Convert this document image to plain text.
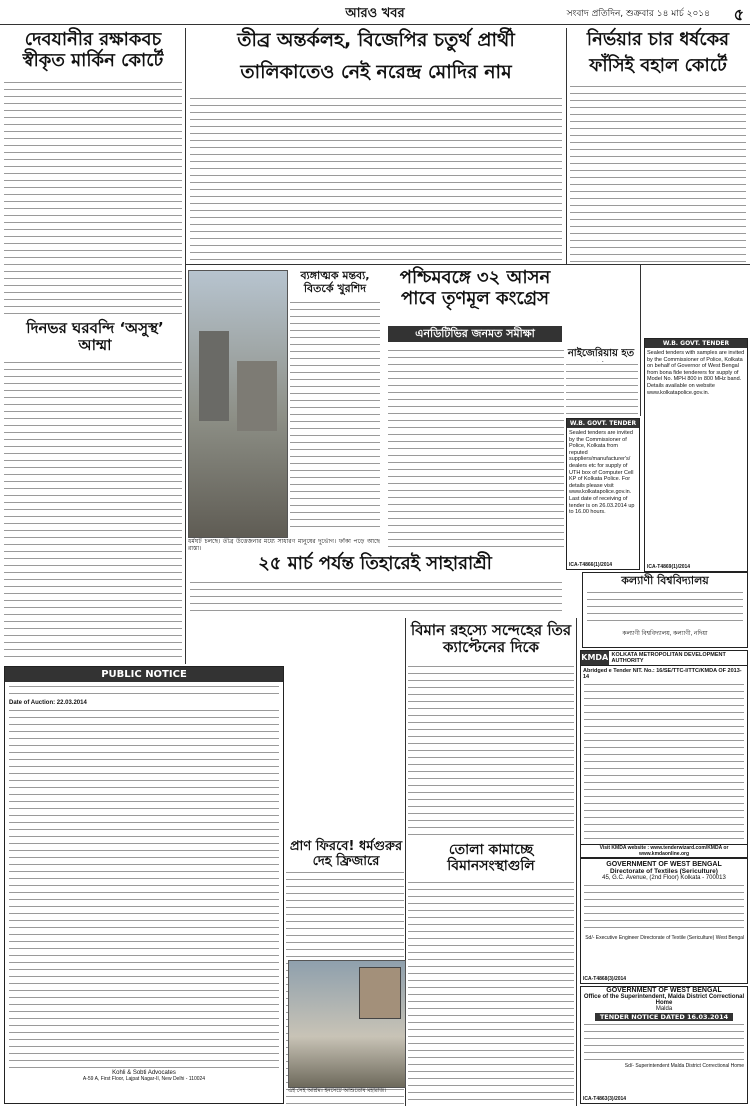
আরও খবর	সংবাদ প্রতিদিন, শুক্রবার ১৪ মার্চ ২০১৪ ৫
দেবযানীর রক্ষাকবচ স্বীকৃত মার্কিন কোর্টে
তীব্র অন্তর্কলহ, বিজেপির চতুর্থ প্রার্থী
তালিকাতেও নেই নরেন্দ্র মোদির নাম
নির্ভয়ার চার ধর্ষকের
ফাঁসিই বহাল কোর্টে
দিনভর ঘরবন্দি ‘অসুস্থ’ আম্মা
ব্যঙ্গাত্মক মন্তব্য, বিতর্কে খুরশিদ
ধর্মঘট চলছে। তীব্র উত্তেজনার মধ্যে সাধারণ মানুষের দুর্ভোগ। ফাঁকা পড়ে আছে রাস্তা।
পশ্চিমবঙ্গে ৩২ আসন পাবে তৃণমূল কংগ্রেস
এনডিটিভির জনমত সমীক্ষা
২৫ মার্চ পর্যন্ত তিহারেই সাহারাশ্রী
নাইজেরিয়ায় হত
W.B. GOVT. TENDER
Sealed tenders are invited by the Commissioner of Police, Kolkata from reputed suppliers/manufacturer's/ dealers etc for supply of UTH box of Computer Cell KP of Kolkata Police. For details please visit www.kolkatapolice.gov.in. Last date of receiving of tender is on 26.03.2014 up to 16.00 hours.
ICA-T4866(1)/2014
W.B. GOVT. TENDER
Sealed tenders with samples are invited by the Commissioner of Police, Kolkata on behalf of Governor of West Bengal from bona fide tenderers for supply of Model No. MPH 800 in 800 MHz band. Details available on website www.kolkatapolice.gov.in.
ICA-T4869(1)/2014
কল্যাণী বিশ্ববিদ্যালয়
কল্যাণী বিশ্ববিদ্যালয়, কল্যাণী, নদিয়া
বিমান রহস্যে সন্দেহের তির ক্যাপ্টেনের দিকে
KMDA KOLKATA METROPOLITAN DEVELOPMENT AUTHORITY
Abridged e Tender NIT. No.: 16/SE/TTC-I/TTC/KMDA OF 2013-14
Visit KMDA website : www.tenderwizard.com/KMDA or www.kmdaonline.org
GOVERNMENT OF WEST BENGAL
Directorate of Textiles (Sericulture)
45, G.C. Avenue, (2nd Floor) Kolkata - 700013
Sd/- Executive Engineer Directorate of Textile (Sericulture) West Bengal
ICA-T4868(3)/2014
GOVERNMENT OF WEST BENGAL
Office of the Superintendent, Malda District Correctional Home
Malda
TENDER NOTICE DATED 16.03.2014
Sd/- Superintendent Malda District Correctional Home
ICA-T4863(3)/2014
তোলা কামাচ্ছে বিমানসংস্থাগুলি
প্রাণ ফিরবে! ধর্মগুরুর দেহ ফ্রিজারে
PUBLIC NOTICE
Date of Auction: 22.03.2014
Kohli & Sobti Advocates
A-59 A, First Floor, Lajpat Nagar-II, New Delhi - 110024
এই সেই আশ্রম। ইনসেটে আশুতোষ মহারাজ।
